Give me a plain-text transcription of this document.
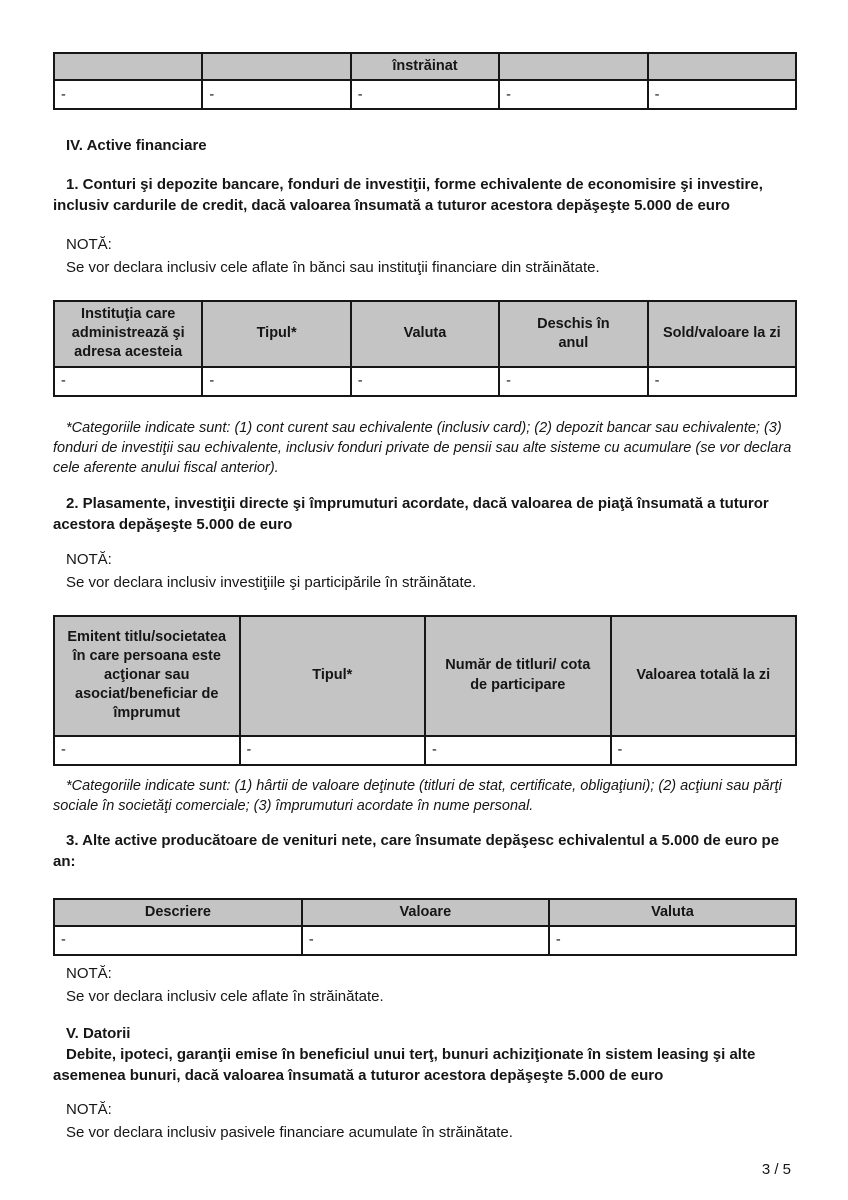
		înstrăinat		
-	-	-	-	-
IV. Active financiare

1. Conturi şi depozite bancare, fonduri de investiţii, forme echivalente de economisire şi investire, inclusiv cardurile de credit, dacă valoarea însumată a tuturor acestora depăşeşte 5.000 de euro

NOTĂ:
Se vor declara inclusiv cele aflate în bănci sau instituţii financiare din străinătate.
Instituţia care administrează şi adresa acesteia	Tipul*	Valuta	Deschis în anul	Sold/valoare la zi
-	-	-	-	-

*Categoriile indicate sunt: (1) cont curent sau echivalente (inclusiv card); (2) depozit bancar sau echivalente; (3) fonduri de investiţii sau echivalente, inclusiv fonduri private de pensii sau alte sisteme cu acumulare (se vor declara cele aferente anului fiscal anterior).

2. Plasamente, investiţii directe şi împrumuturi acordate, dacă valoarea de piaţă însumată a tuturor acestora depăşeşte 5.000 de euro

NOTĂ:
Se vor declara inclusiv investiţiile şi participările în străinătate.
Emitent titlu/societatea în care persoana este acţionar sau asociat/beneficiar de împrumut	Tipul*	Număr de titluri/ cota de participare	Valoarea totală la zi
-	-	-	-

*Categoriile indicate sunt: (1) hârtii de valoare deţinute (titluri de stat, certificate, obligaţiuni); (2) acţiuni sau părţi sociale în societăţi comerciale; (3) împrumuturi acordate în nume personal.

3. Alte active producătoare de venituri nete, care însumate depăşesc echivalentul a 5.000 de euro pe an:

Descriere	Valoare	Valuta
-	-	-
NOTĂ:
Se vor declara inclusiv cele aflate în străinătate.
V. Datorii

Debite, ipoteci, garanţii emise în beneficiul unui terţ, bunuri achiziţionate în sistem leasing şi alte asemenea bunuri, dacă valoarea însumată a tuturor acestora depăşeşte 5.000 de euro

NOTĂ:
Se vor declara inclusiv pasivele financiare acumulate în străinătate.
3 / 5
